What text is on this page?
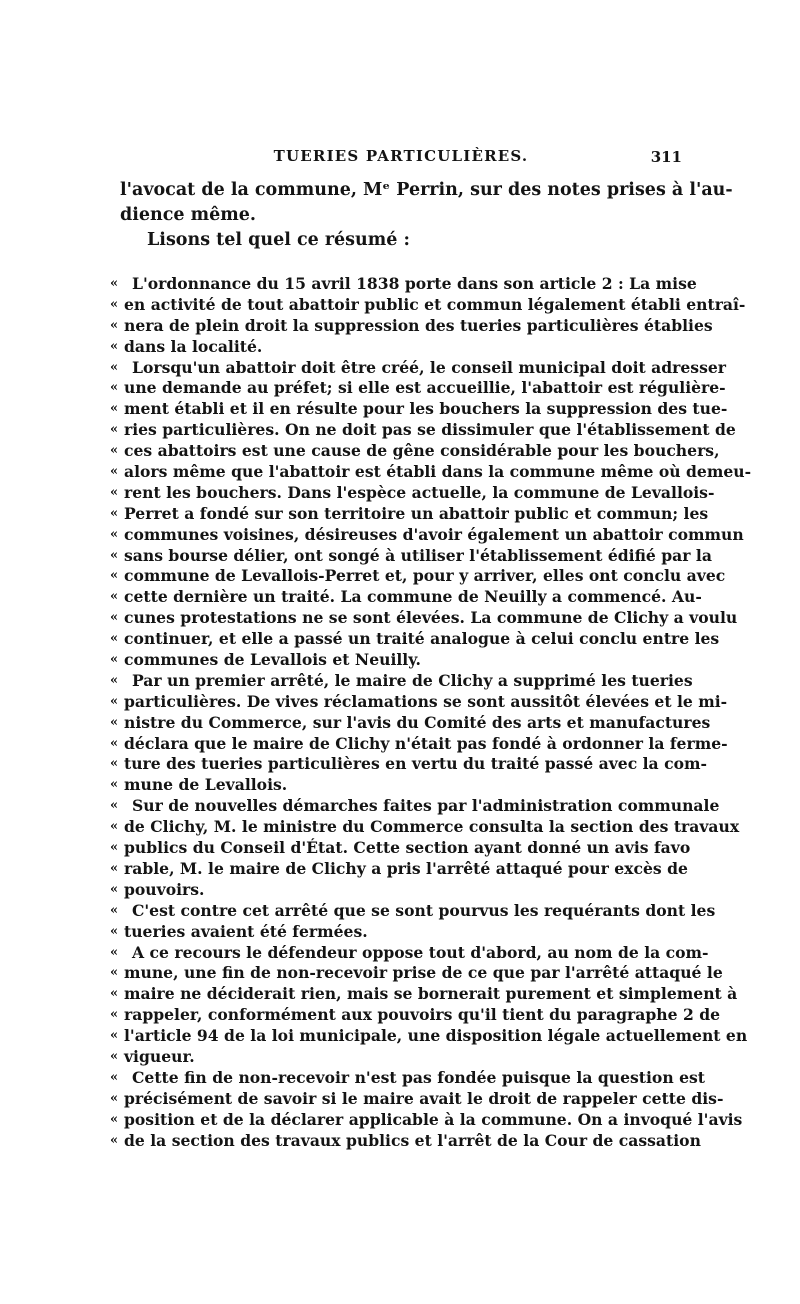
TUERIES PARTICULIÈRES.	311
l'avocat de la commune, Mᵉ Perrin, sur des notes prises à l'au-
dience même.
Lisons tel quel ce résumé :
« L'ordonnance du 15 avril 1838 porte dans son article 2 : La mise
« en activité de tout abattoir public et commun légalement établi entraî-
« nera de plein droit la suppression des tueries particulières établies
« dans la localité.
« Lorsqu'un abattoir doit être créé, le conseil municipal doit adresser
« une demande au préfet; si elle est accueillie, l'abattoir est régulière-
« ment établi et il en résulte pour les bouchers la suppression des tue-
« ries particulières. On ne doit pas se dissimuler que l'établissement de
« ces abattoirs est une cause de gêne considérable pour les bouchers,
« alors même que l'abattoir est établi dans la commune même où demeu-
« rent les bouchers. Dans l'espèce actuelle, la commune de Levallois-
« Perret a fondé sur son territoire un abattoir public et commun; les
« communes voisines, désireuses d'avoir également un abattoir commun
« sans bourse délier, ont songé à utiliser l'établissement édifié par la
« commune de Levallois-Perret et, pour y arriver, elles ont conclu avec
« cette dernière un traité. La commune de Neuilly a commencé. Au-
« cunes protestations ne se sont élevées. La commune de Clichy a voulu
« continuer, et elle a passé un traité analogue à celui conclu entre les
« communes de Levallois et Neuilly.
« Par un premier arrêté, le maire de Clichy a supprimé les tueries
« particulières. De vives réclamations se sont aussitôt élevées et le mi-
« nistre du Commerce, sur l'avis du Comité des arts et manufactures
« déclara que le maire de Clichy n'était pas fondé à ordonner la ferme-
« ture des tueries particulières en vertu du traité passé avec la com-
« mune de Levallois.
« Sur de nouvelles démarches faites par l'administration communale
« de Clichy, M. le ministre du Commerce consulta la section des travaux
« publics du Conseil d'État. Cette section ayant donné un avis favo
« rable, M. le maire de Clichy a pris l'arrêté attaqué pour excès de
« pouvoirs.
« C'est contre cet arrêté que se sont pourvus les requérants dont les
« tueries avaient été fermées.
« A ce recours le défendeur oppose tout d'abord, au nom de la com-
« mune, une fin de non-recevoir prise de ce que par l'arrêté attaqué le
« maire ne déciderait rien, mais se bornerait purement et simplement à
« rappeler, conformément aux pouvoirs qu'il tient du paragraphe 2 de
« l'article 94 de la loi municipale, une disposition légale actuellement en
« vigueur.
« Cette fin de non-recevoir n'est pas fondée puisque la question est
« précisément de savoir si le maire avait le droit de rappeler cette dis-
« position et de la déclarer applicable à la commune. On a invoqué l'avis
« de la section des travaux publics et l'arrêt de la Cour de cassation
